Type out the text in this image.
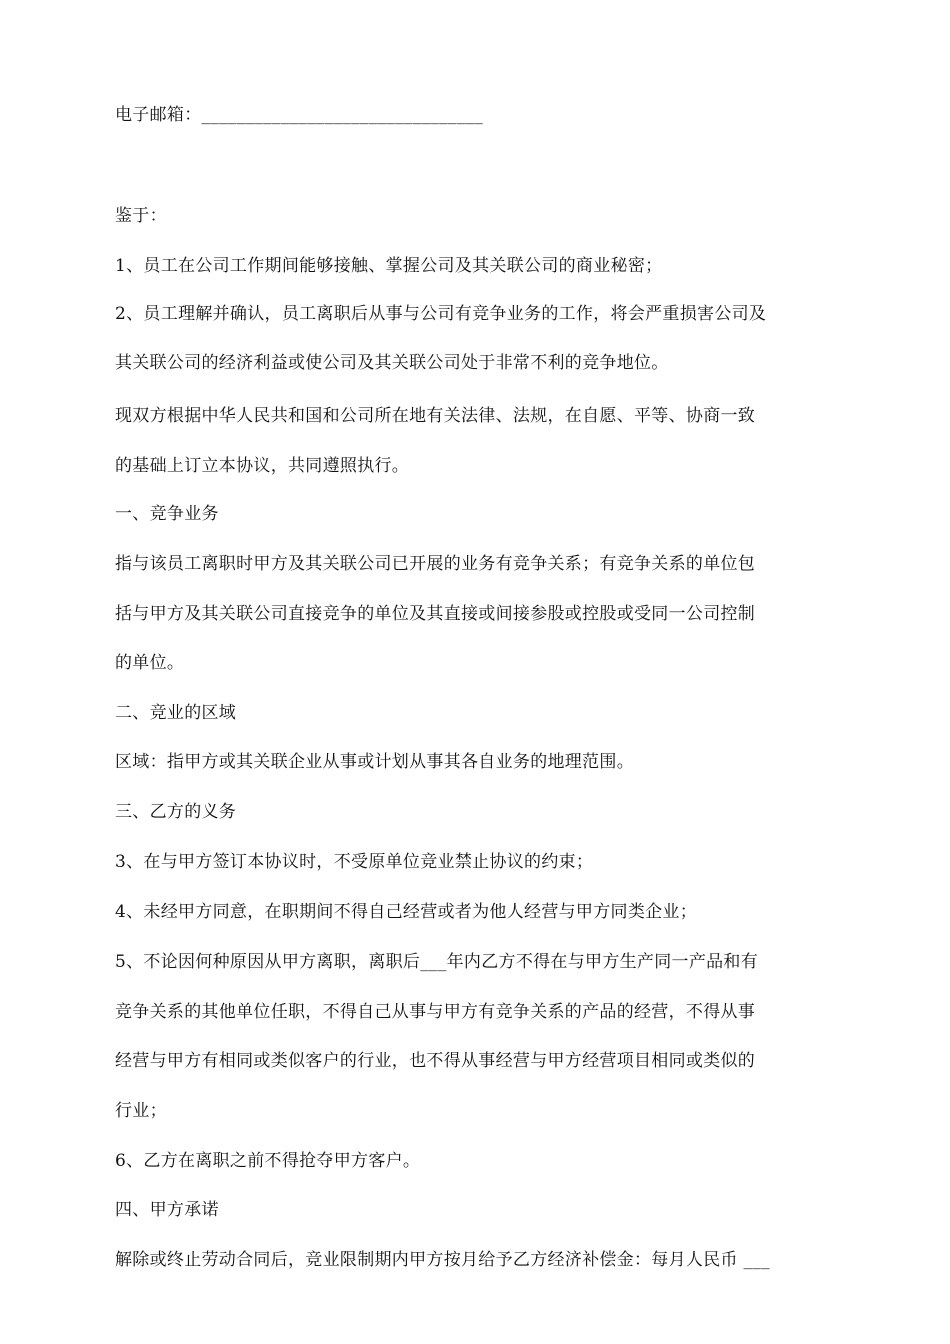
电子邮箱：________________________________
鉴于：
1、员工在公司工作期间能够接触、掌握公司及其关联公司的商业秘密；
2、员工理解并确认，员工离职后从事与公司有竞争业务的工作，将会严重损害公司及
其关联公司的经济利益或使公司及其关联公司处于非常不利的竞争地位。
现双方根据中华人民共和国和公司所在地有关法律、法规，在自愿、平等、协商一致
的基础上订立本协议，共同遵照执行。
一、竞争业务
指与该员工离职时甲方及其关联公司已开展的业务有竞争关系；有竞争关系的单位包
括与甲方及其关联公司直接竞争的单位及其直接或间接参股或控股或受同一公司控制
的单位。
二、竞业的区域
区域：指甲方或其关联企业从事或计划从事其各自业务的地理范围。
三、乙方的义务
3、在与甲方签订本协议时，不受原单位竞业禁止协议的约束；
4、未经甲方同意，在职期间不得自己经营或者为他人经营与甲方同类企业；
5、不论因何种原因从甲方离职，离职后___年内乙方不得在与甲方生产同一产品和有
竞争关系的其他单位任职，不得自己从事与甲方有竞争关系的产品的经营，不得从事
经营与甲方有相同或类似客户的行业，也不得从事经营与甲方经营项目相同或类似的
行业；
6、乙方在离职之前不得抢夺甲方客户。
四、甲方承诺
解除或终止劳动合同后，竞业限制期内甲方按月给予乙方经济补偿金：每月人民币 ___
